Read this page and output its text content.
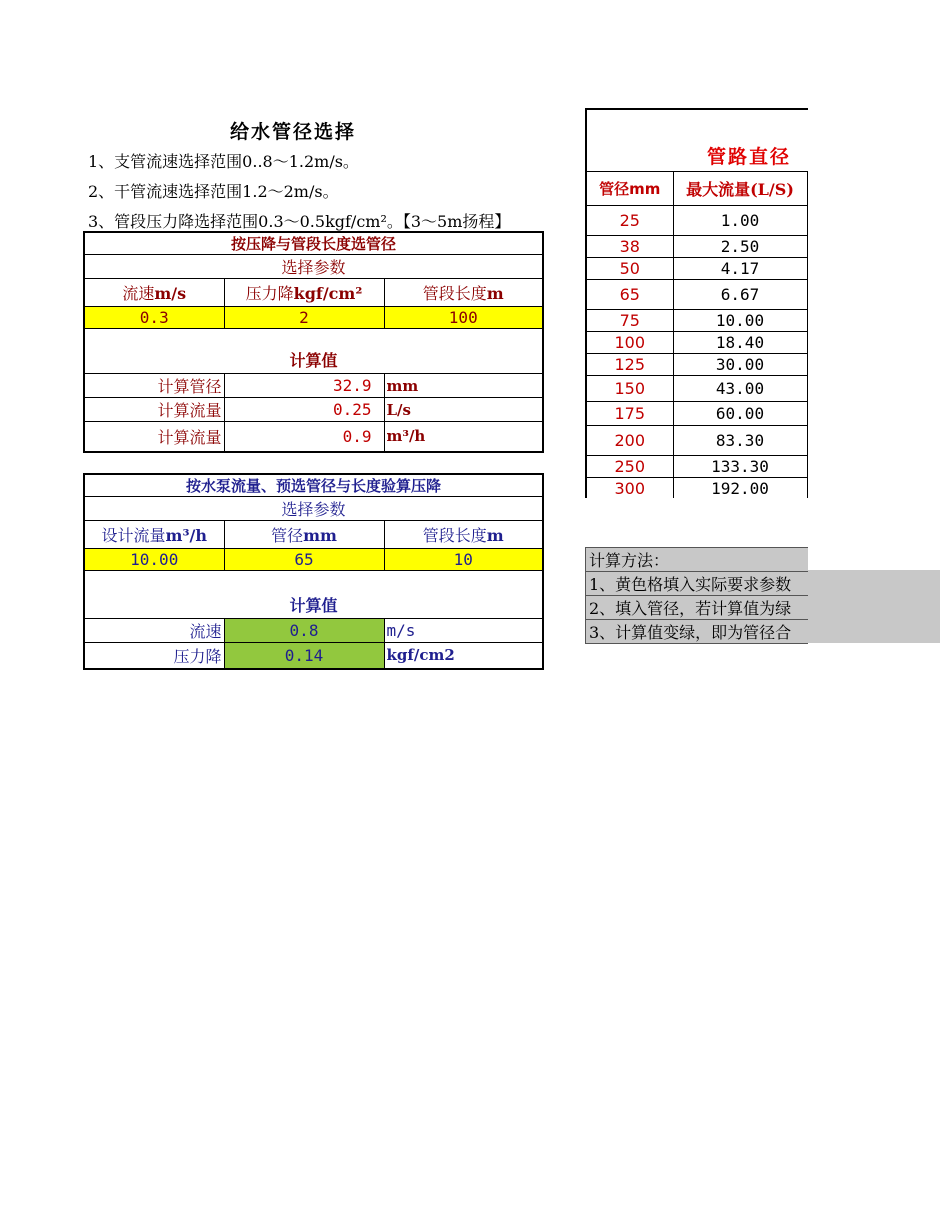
给水管径选择
1、支管流速选择范围0..8～1.2m/s。
2、干管流速选择范围1.2～2m/s。
3、管段压力降选择范围0.3～0.5kgf/cm²。【3～5m扬程】
按压降与管段长度选管径		
选择参数		
流速m/s	压力降kgf/cm²	管段长度m
0.3	2	100
计算值		
计算管径	32.9	mm
计算流量	0.25	L/s
计算流量	0.9	m³/h
按水泵流量、预选管径与长度验算压降		
选择参数		
设计流量m³/h	管径mm	管段长度m
10.00	65	10
计算值		
流速	0.8	m/s
压力降	0.14	kgf/cm2
管路直径		
管径mm	最大流量(L/S)	
25	1.00	
38	2.50	
50	4.17	
65	6.67	
75	10.00	
100	18.40	
125	30.00	
150	43.00	
175	60.00	
200	83.30	
250	133.30	
300	192.00	
计算方法：
1、黄色格填入实际要求参数
2、填入管径，若计算值为绿
3、计算值变绿，即为管径合
